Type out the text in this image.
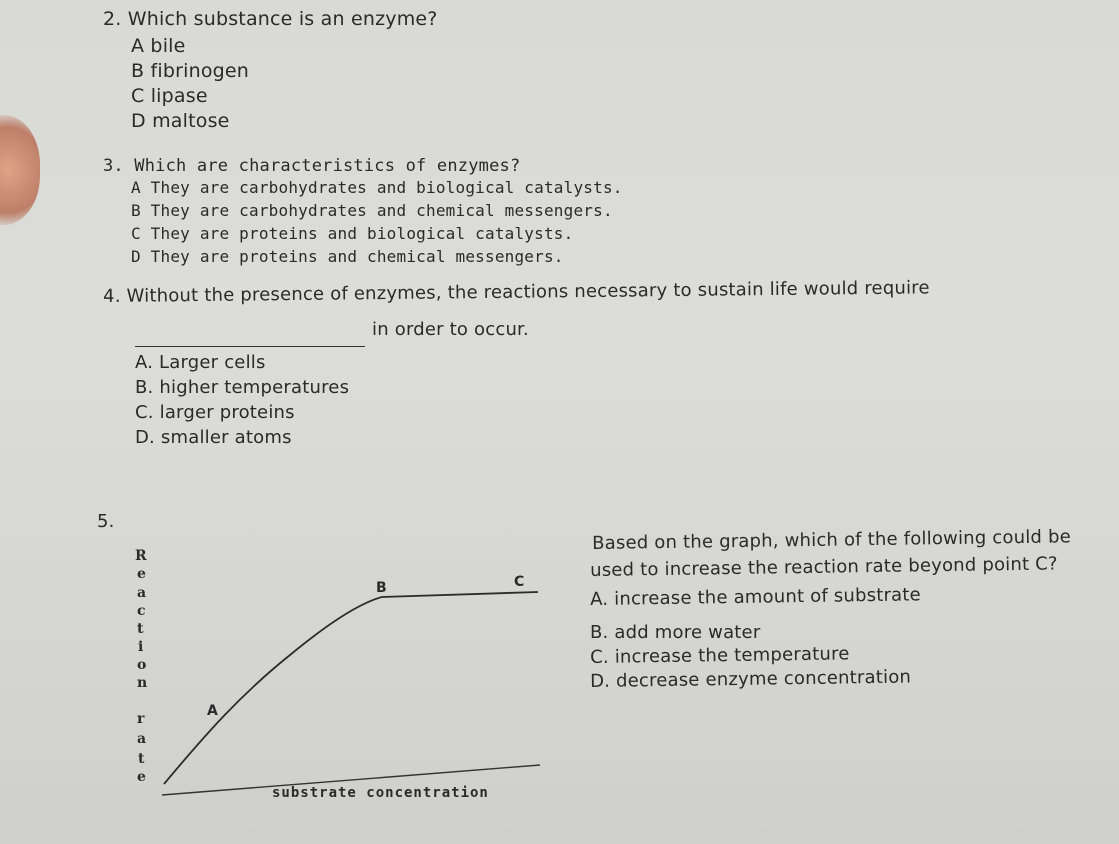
2. Which substance is an enzyme?
A bile
B fibrinogen
C lipase
D maltose
3. Which are characteristics of enzymes?
A They are carbohydrates and biological catalysts.
B They are carbohydrates and chemical messengers.
C They are proteins and biological catalysts.
D They are proteins and chemical messengers.
4. Without the presence of enzymes, the reactions necessary to sustain life would require
in order to occur.
A. Larger cells
B. higher temperatures
C. larger proteins
D. smaller atoms
5.
Based on the graph, which of the following could be
used to increase the reaction rate beyond point C?
A. increase the amount of substrate
B. add more water
C. increase the temperature
D. decrease enzyme concentration
A
B	C
R
e
a
c
t
i
o
n
r
a
t
e
substrate concentration
